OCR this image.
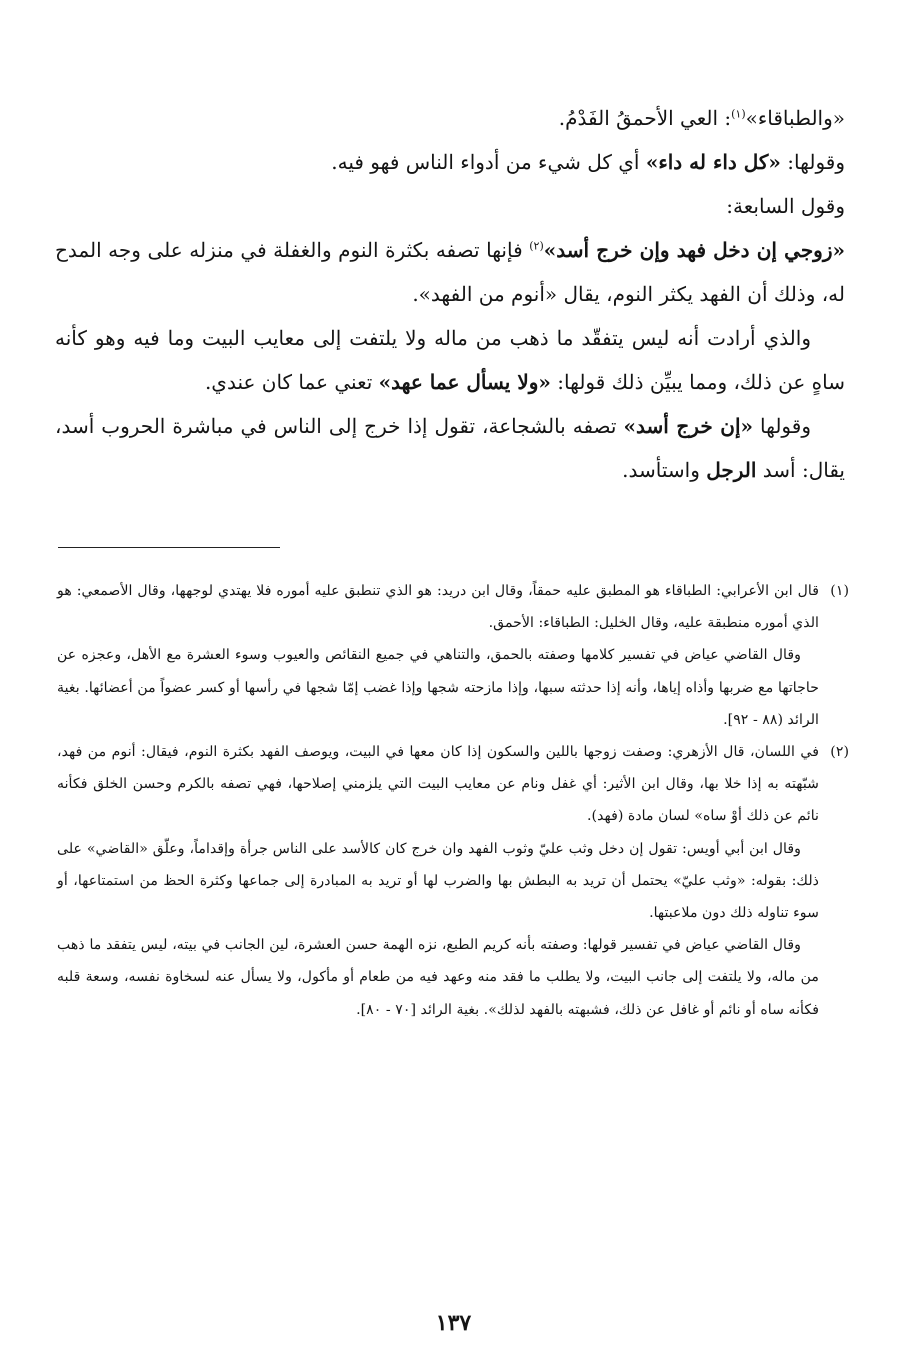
«والطباقاء»$^{(١)}$: العي الأحمقُ الفَدْمُ.

وقولها: «كل داء له داء» أي كل شيء من أدواء الناس فهو فيه.

وقول السابعة:

«زوجي إن دخل فهد وإن خرج أسد»$^{(٢)}$ فإنها تصفه بكثرة النوم والغفلة في منزله على وجه المدح له، وذلك أن الفهد يكثر النوم، يقال «أنوم من الفهد».

والذي أرادت أنه ليس يتفقّد ما ذهب من ماله ولا يلتفت إلى معايب البيت وما فيه وهو كأنه ساهٍ عن ذلك، ومما يبيِّن ذلك قولها: «ولا يسأل عما عهد» تعني عما كان عندي.

وقولها «إن خرج أسد» تصفه بالشجاعة، تقول إذا خرج إلى الناس في مباشرة الحروب أسد، يقال: أسد الرجل واستأسد.

(١)قال ابن الأعرابي: الطباقاء هو المطبق عليه حمقاً، وقال ابن دريد: هو الذي تنطبق عليه أموره فلا يهتدي لوجهها، وقال الأصمعي: هو الذي أموره منطبقة عليه، وقال الخليل: الطباقاء: الأحمق.

وقال القاضي عياض في تفسير كلامها وصفته بالحمق، والتناهي في جميع النقائص والعيوب وسوء العشرة مع الأهل، وعجزه عن حاجاتها مع ضربها وأذاه إياها، وأنه إذا حدثته سبها، وإذا مازحته شجها وإذا غضب إمّا شجها في رأسها أو كسر عضواً من أعضائها. بغية الرائد (٨٨ - ٩٢].

(٢)في اللسان، قال الأزهري: وصفت زوجها باللين والسكون إذا كان معها في البيت، ويوصف الفهد بكثرة النوم، فيقال: أنوم من فهد، شبّهته به إذا خلا بها، وقال ابن الأثير: أي غفل ونام عن معايب البيت التي يلزمني إصلاحها، فهي تصفه بالكرم وحسن الخلق فكأنه نائم عن ذلك أوْ ساه» لسان مادة (فهد).

وقال ابن أبي أويس: تقول إن دخل وثب عليّ وثوب الفهد وان خرج كان كالأسد على الناس جرأة وإقداماً، وعلّق «القاضي» على ذلك: بقوله: «وثب عليّ» يحتمل أن تريد به البطش بها والضرب لها أو تريد به المبادرة إلى جماعها وكثرة الحظ من استمتاعها، أو سوء تناوله ذلك دون ملاعبتها.

وقال القاضي عياض في تفسير قولها: وصفته بأنه كريم الطبع، نزه الهمة حسن العشرة، لين الجانب في بيته، ليس يتفقد ما ذهب من ماله، ولا يلتفت إلى جانب البيت، ولا يطلب ما فقد منه وعهد فيه من طعام أو مأكول، ولا يسأل عنه لسخاوة نفسه، وسعة قلبه فكأنه ساه أو نائم أو غافل عن ذلك، فشبهته بالفهد لذلك». بغية الرائد [٧٠ - ٨٠].

١٣٧
